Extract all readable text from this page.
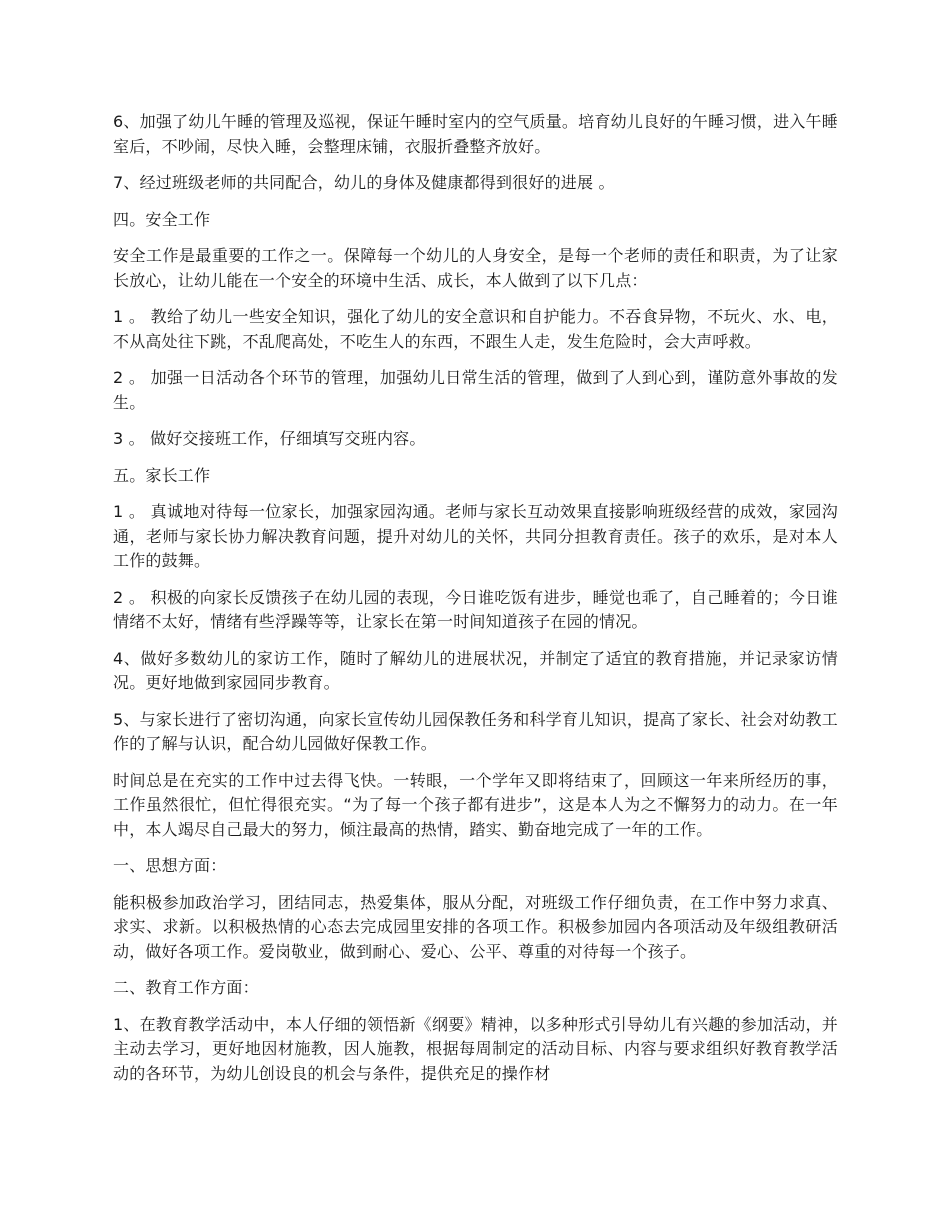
6、加强了幼儿午睡的管理及巡视，保证午睡时室内的空气质量。培育幼儿良好的午睡习惯，进入午睡室后，不吵闹，尽快入睡，会整理床铺，衣服折叠整齐放好。

7、经过班级老师的共同配合，幼儿的身体及健康都得到很好的进展 。

四。安全工作

安全工作是最重要的工作之一。保障每一个幼儿的人身安全，是每一个老师的责任和职责，为了让家长放心，让幼儿能在一个安全的环境中生活、成长，本人做到了以下几点：

1 。 教给了幼儿一些安全知识，强化了幼儿的安全意识和自护能力。不吞食异物，不玩火、水、电，不从高处往下跳，不乱爬高处，不吃生人的东西，不跟生人走，发生危险时，会大声呼救。

2 。 加强一日活动各个环节的管理，加强幼儿日常生活的管理，做到了人到心到，谨防意外事故的发生。

3 。 做好交接班工作，仔细填写交班内容。

五。家长工作

1 。 真诚地对待每一位家长，加强家园沟通。老师与家长互动效果直接影响班级经营的成效，家园沟通，老师与家长协力解决教育问题，提升对幼儿的关怀，共同分担教育责任。孩子的欢乐，是对本人工作的鼓舞。

2 。 积极的向家长反馈孩子在幼儿园的表现，今日谁吃饭有进步，睡觉也乖了，自己睡着的；今日谁情绪不太好，情绪有些浮躁等等，让家长在第一时间知道孩子在园的情况。

4、做好多数幼儿的家访工作，随时了解幼儿的进展状况，并制定了适宜的教育措施，并记录家访情况。更好地做到家园同步教育。

5、与家长进行了密切沟通，向家长宣传幼儿园保教任务和科学育儿知识，提高了家长、社会对幼教工作的了解与认识，配合幼儿园做好保教工作。

时间总是在充实的工作中过去得飞快。一转眼，一个学年又即将结束了，回顾这一年来所经历的事，工作虽然很忙，但忙得很充实。“为了每一个孩子都有进步”，这是本人为之不懈努力的动力。在一年中，本人竭尽自己最大的努力，倾注最高的热情，踏实、勤奋地完成了一年的工作。

一、思想方面：

能积极参加政治学习，团结同志，热爱集体，服从分配，对班级工作仔细负责，在工作中努力求真、求实、求新。以积极热情的心态去完成园里安排的各项工作。积极参加园内各项活动及年级组教研活动，做好各项工作。爱岗敬业，做到耐心、爱心、公平、尊重的对待每一个孩子。

二、教育工作方面：

1、在教育教学活动中，本人仔细的领悟新《纲要》精神，以多种形式引导幼儿有兴趣的参加活动，并主动去学习，更好地因材施教，因人施教，根据每周制定的活动目标、内容与要求组织好教育教学活动的各环节，为幼儿创设良的机会与条件，提供充足的操作材
